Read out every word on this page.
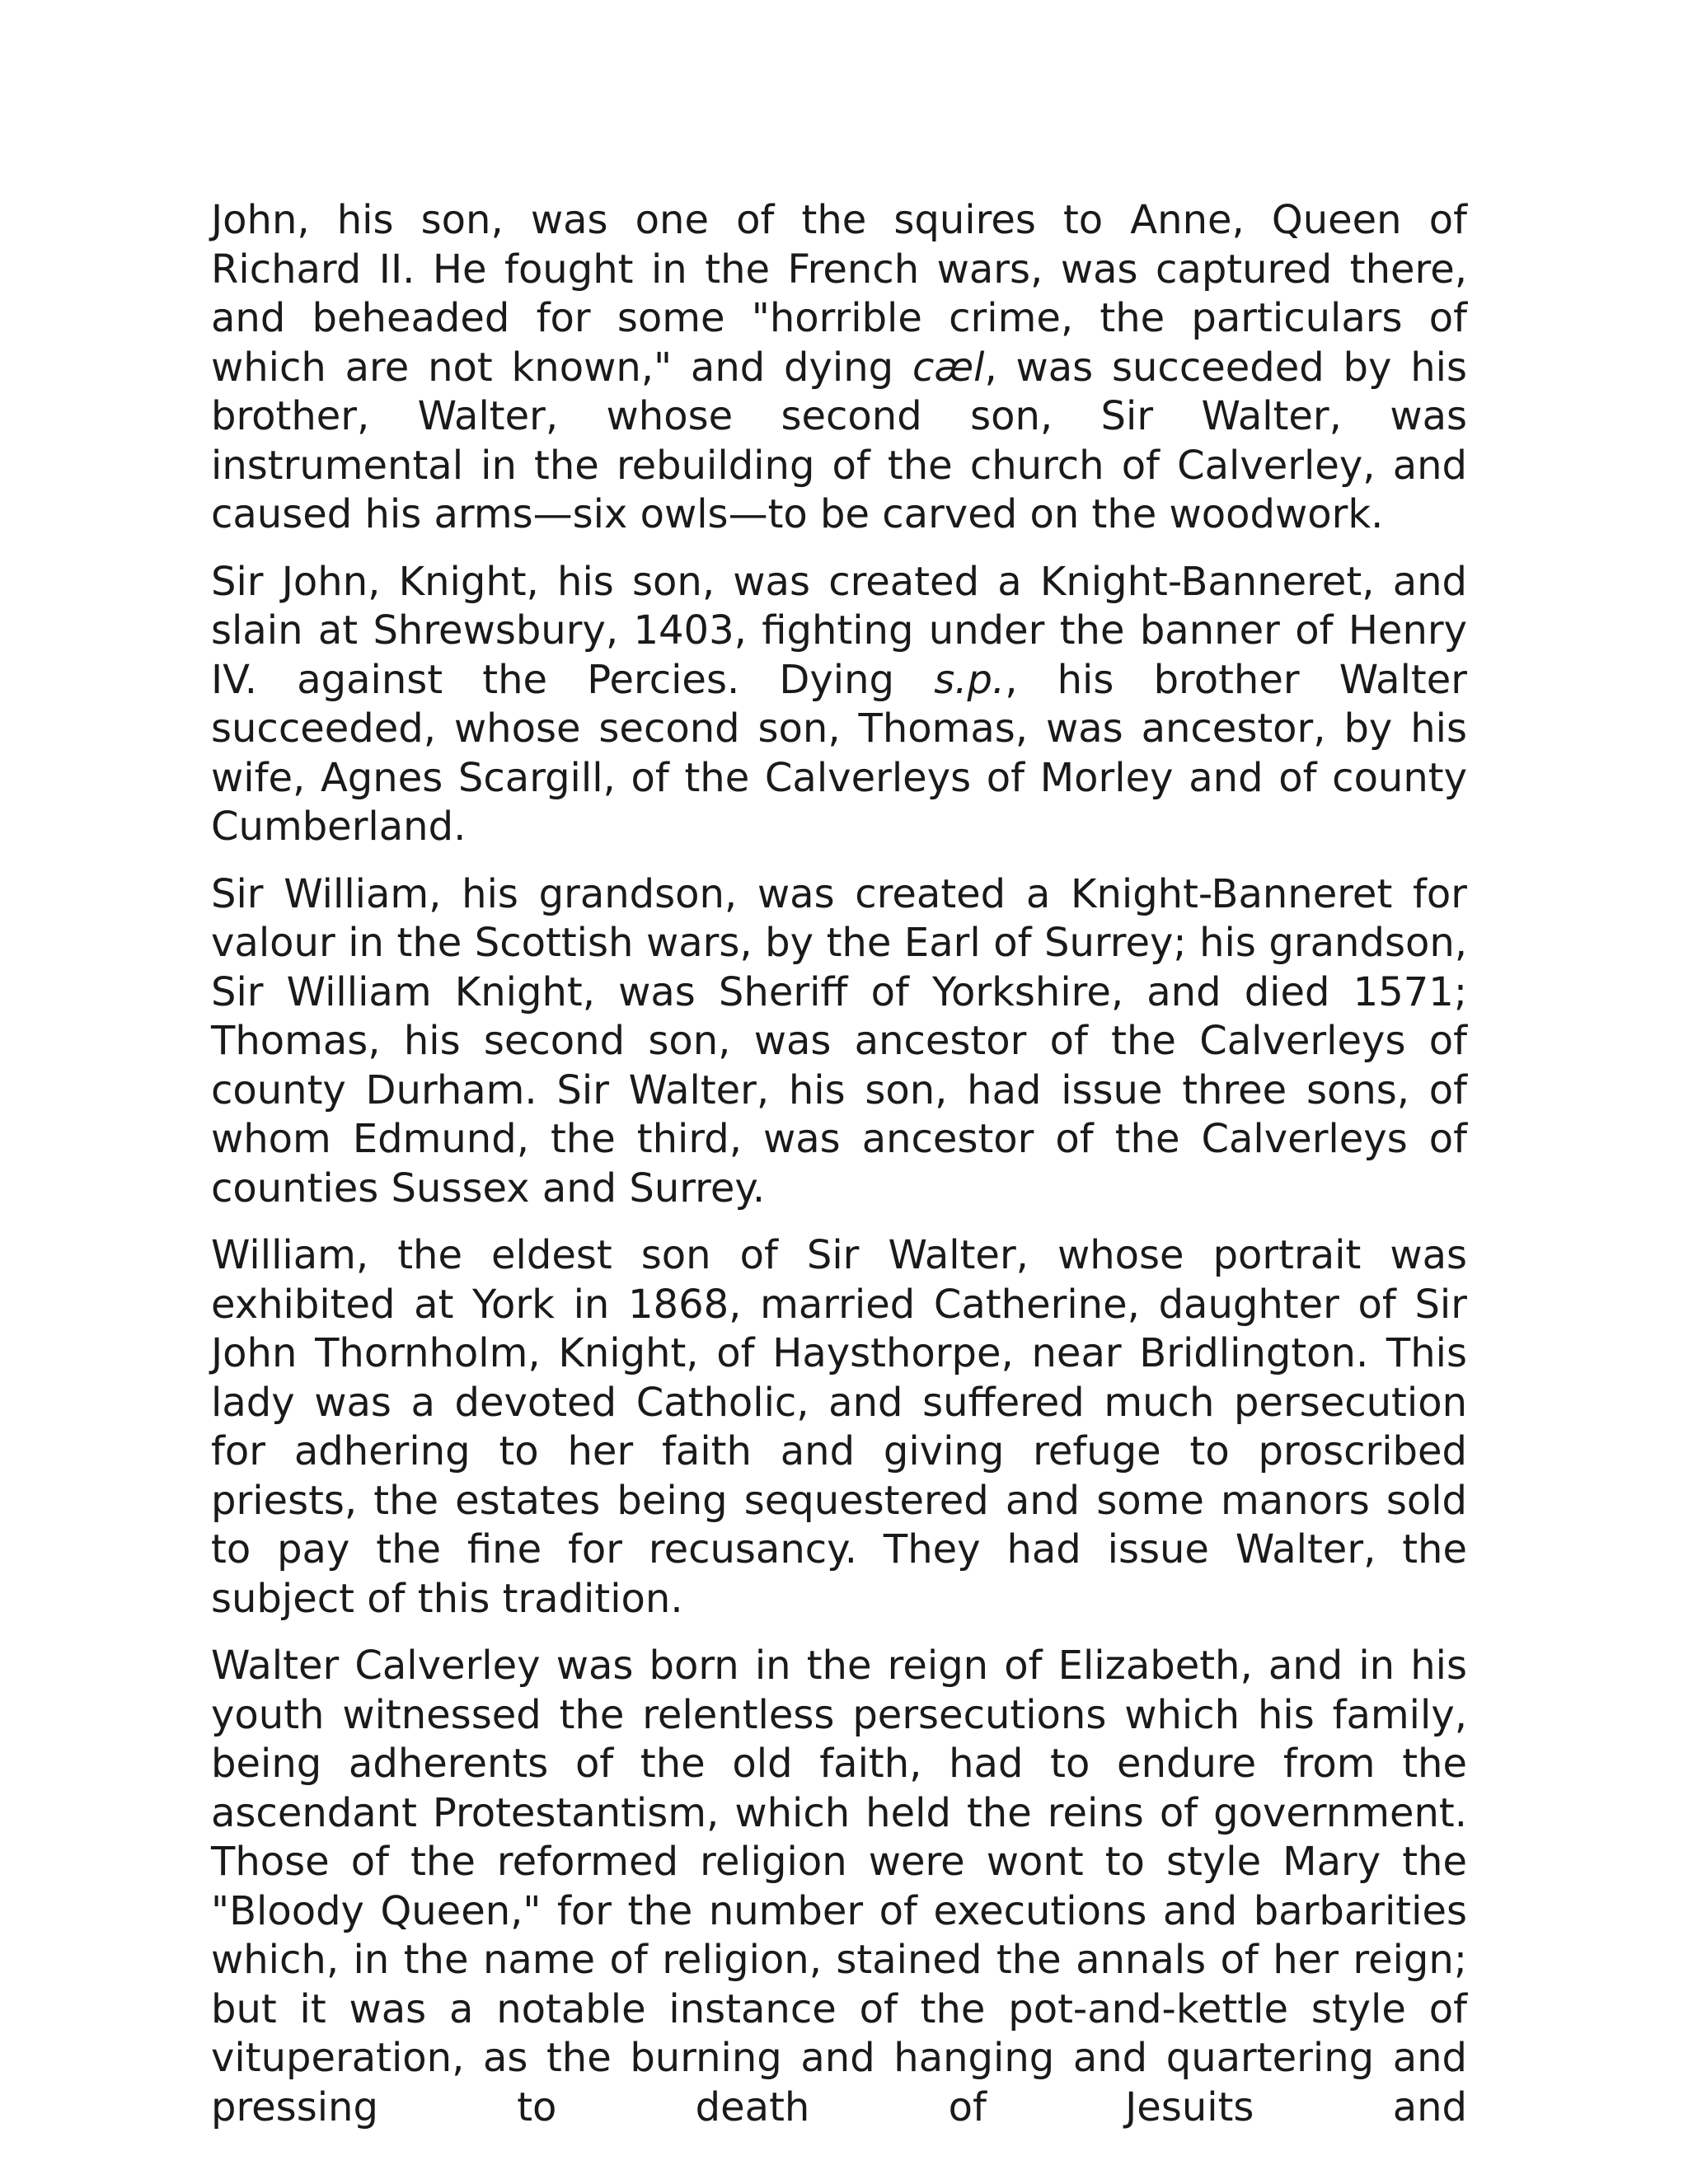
John, his son, was one of the squires to Anne, Queen of Richard II. He fought in the French wars, was captured there, and beheaded for some "horrible crime, the particulars of which are not known," and dying cæl, was succeeded by his brother, Walter, whose second son, Sir Walter, was instrumental in the rebuilding of the church of Calverley, and caused his arms—six owls—to be carved on the woodwork.

Sir John, Knight, his son, was created a Knight-Banneret, and slain at Shrewsbury, 1403, fighting under the banner of Henry IV. against the Percies. Dying s.p., his brother Walter succeeded, whose second son, Thomas, was ancestor, by his wife, Agnes Scargill, of the Calverleys of Morley and of county Cumberland.

Sir William, his grandson, was created a Knight-Banneret for valour in the Scottish wars, by the Earl of Surrey; his grandson, Sir William Knight, was Sheriff of Yorkshire, and died 1571; Thomas, his second son, was ancestor of the Calverleys of county Durham. Sir Walter, his son, had issue three sons, of whom Edmund, the third, was ancestor of the Calverleys of counties Sussex and Surrey.

William, the eldest son of Sir Walter, whose portrait was exhibited at York in 1868, married Catherine, daughter of Sir John Thornholm, Knight, of Haysthorpe, near Bridlington. This lady was a devoted Catholic, and suffered much persecution for adhering to her faith and giving refuge to proscribed priests, the estates being sequestered and some manors sold to pay the fine for recusancy. They had issue Walter, the subject of this tradition.

Walter Calverley was born in the reign of Elizabeth, and in his youth witnessed the relentless persecutions which his family, being adherents of the old faith, had to endure from the ascendant Protestantism, which held the reins of government. Those of the reformed religion were wont to style Mary the "Bloody Queen," for the number of executions and barbarities which, in the name of religion, stained the annals of her reign; but it was a notable instance of the pot-and-kettle style of vituperation, as the burning and hanging and quartering and pressing to death of Jesuits and
